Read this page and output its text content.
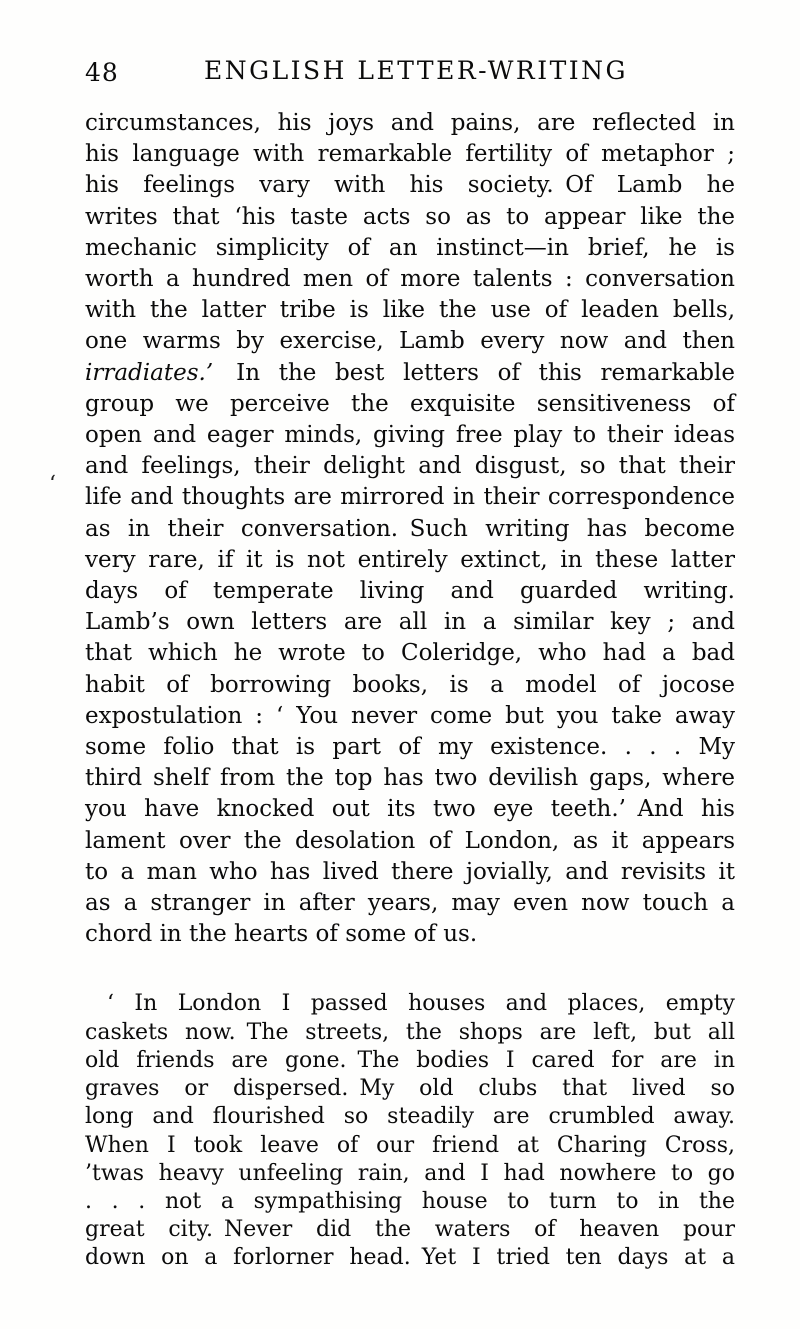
48	ENGLISH LETTER-WRITING
ʻ
circumstances, his joys and pains, are reflected in
his language with remarkable fertility of metaphor ;
his feelings vary with his society. Of Lamb he
writes that ‘his taste acts so as to appear like the
mechanic simplicity of an instinct—in brief, he is
worth a hundred men of more talents : conversation
with the latter tribe is like the use of leaden bells,
one warms by exercise, Lamb every now and then
irradiates.’ In the best letters of this remarkable
group we perceive the exquisite sensitiveness of
open and eager minds, giving free play to their ideas
and feelings, their delight and disgust, so that their
life and thoughts are mirrored in their correspondence
as in their conversation. Such writing has become
very rare, if it is not entirely extinct, in these latter
days of temperate living and guarded writing.
Lamb’s own letters are all in a similar key ; and
that which he wrote to Coleridge, who had a bad
habit of borrowing books, is a model of jocose
expostulation : ‘ You never come but you take away
some folio that is part of my existence. . . . My
third shelf from the top has two devilish gaps, where
you have knocked out its two eye teeth.’ And his
lament over the desolation of London, as it appears
to a man who has lived there jovially, and revisits it
as a stranger in after years, may even now touch a
chord in the hearts of some of us.
‘ In London I passed houses and places, empty
caskets now. The streets, the shops are left, but all
old friends are gone. The bodies I cared for are in
graves or dispersed. My old clubs that lived so
long and flourished so steadily are crumbled away.
When I took leave of our friend at Charing Cross,
’twas heavy unfeeling rain, and I had nowhere to go
. . . not a sympathising house to turn to in the
great city. Never did the waters of heaven pour
down on a forlorner head. Yet I tried ten days at a
